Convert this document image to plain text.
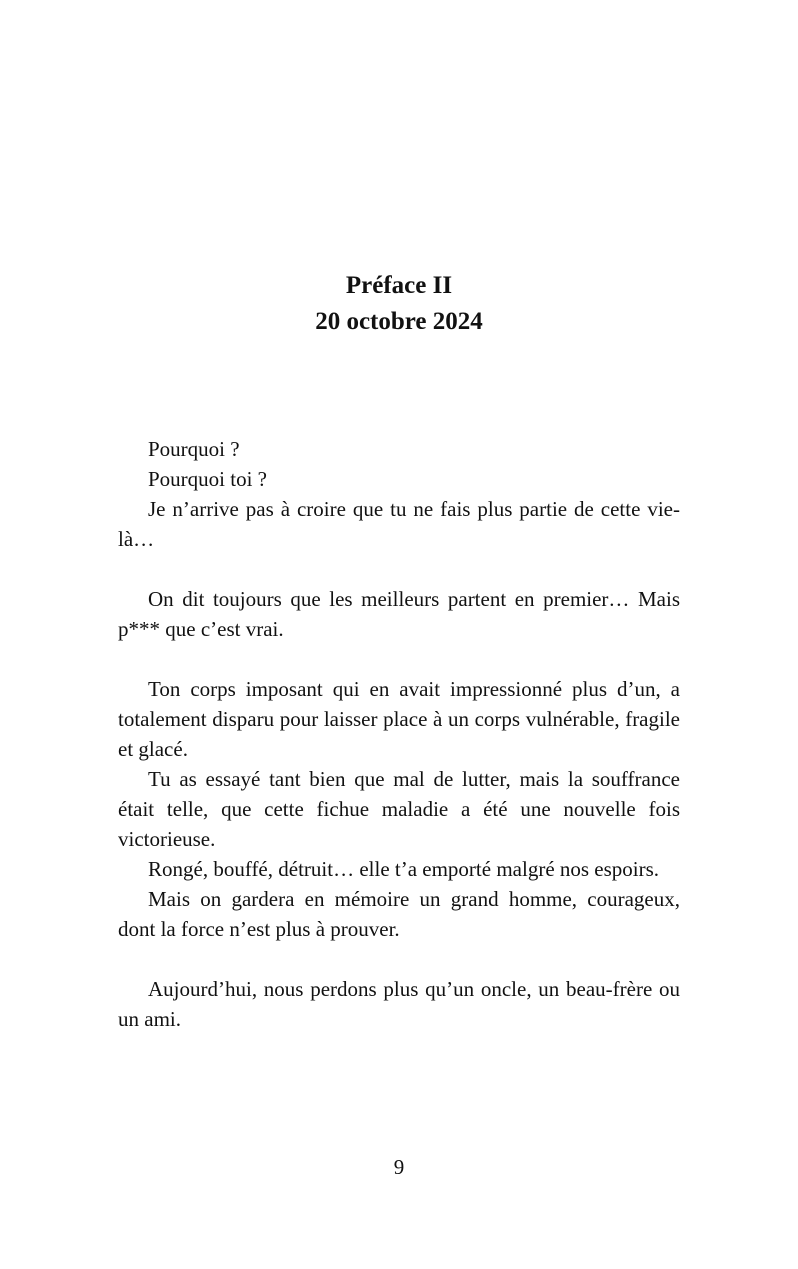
Préface II
20 octobre 2024

Pourquoi ?

Pourquoi toi ?

Je n’arrive pas à croire que tu ne fais plus partie de cette vie-là…

On dit toujours que les meilleurs partent en premier… Mais p*** que c’est vrai.

Ton corps imposant qui en avait impressionné plus d’un, a totalement disparu pour laisser place à un corps vulnérable, fragile et glacé.

Tu as essayé tant bien que mal de lutter, mais la souffrance était telle, que cette fichue maladie a été une nouvelle fois victorieuse.

Rongé, bouffé, détruit… elle t’a emporté malgré nos espoirs.

Mais on gardera en mémoire un grand homme, courageux, dont la force n’est plus à prouver.

Aujourd’hui, nous perdons plus qu’un oncle, un beau-frère ou un ami.

9
